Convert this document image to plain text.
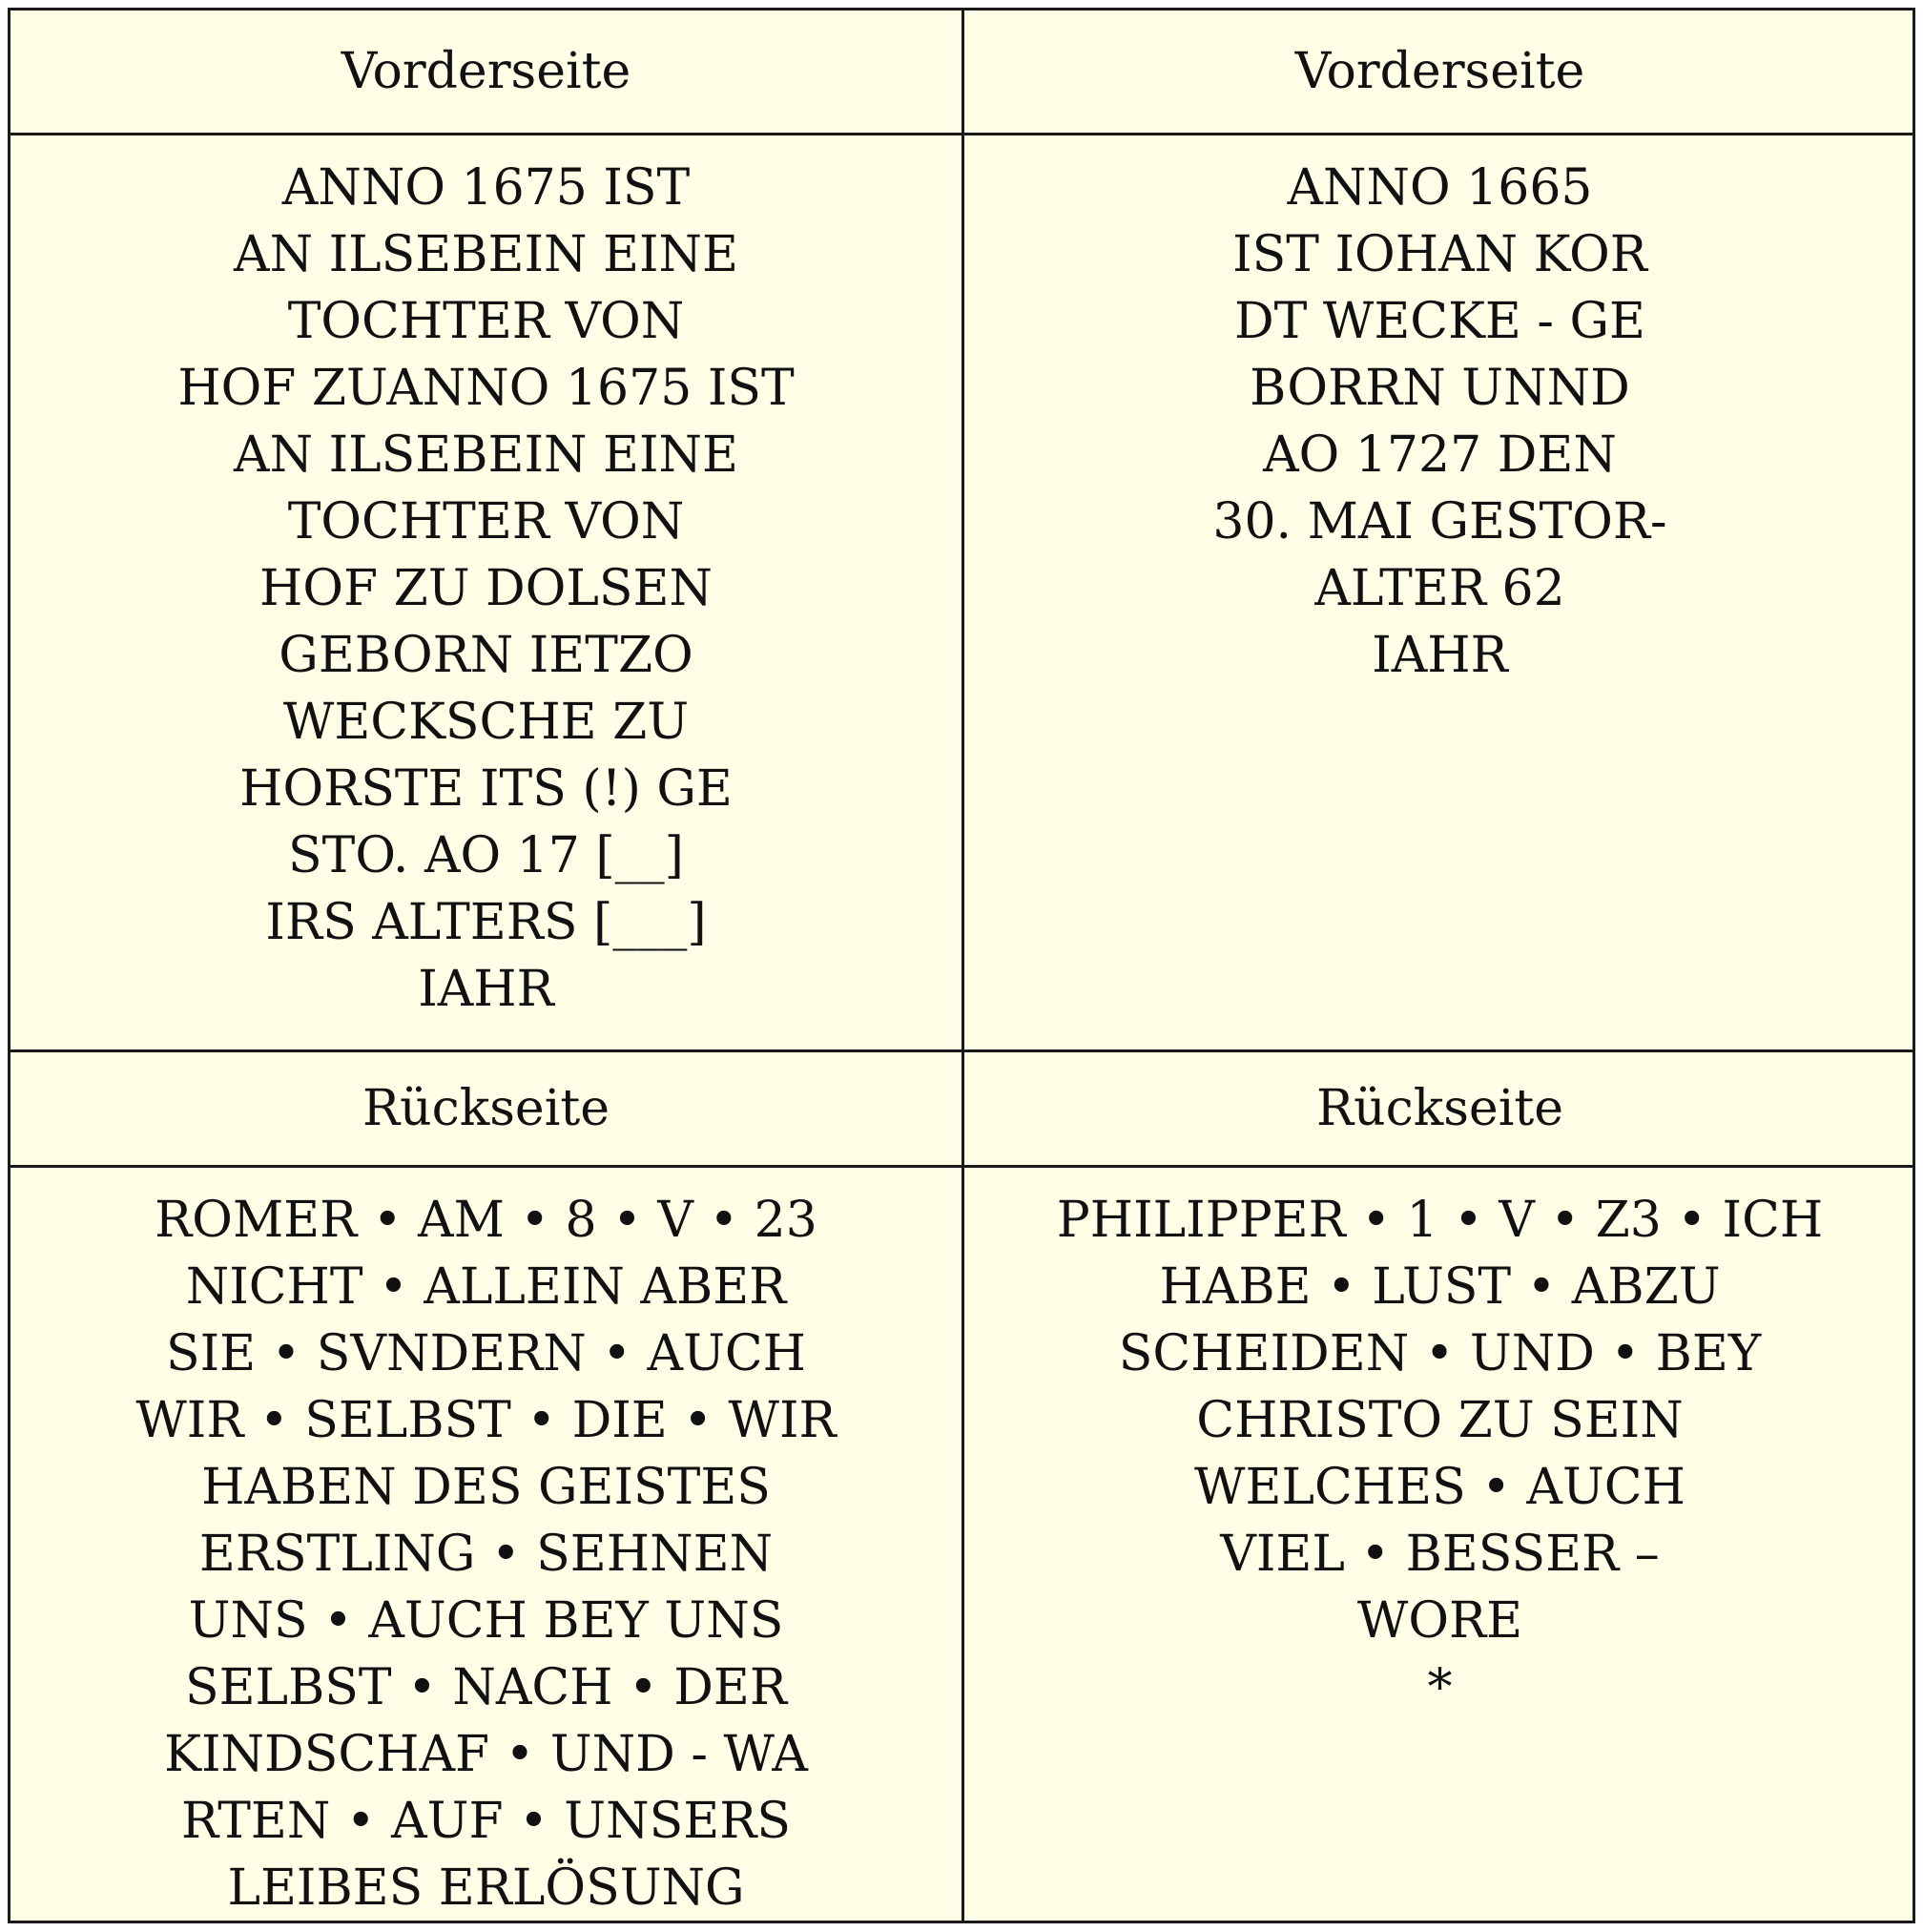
Vorderseite	Vorderseite
ANNO 1675 IST
AN ILSEBEIN EINE
TOCHTER VON
HOF ZUANNO 1675 IST
AN ILSEBEIN EINE
TOCHTER VON
HOF ZU DOLSEN
GEBORN IETZO
WECKSCHE ZU
HORSTE ITS (!) GE
STO. AO 17 [__]
IRS ALTERS [___]
IAHR
ANNO 1665
IST IOHAN KOR
DT WECKE - GE
BORRN UNND
AO 1727 DEN
30. MAI GESTOR-
ALTER 62
IAHR
Rückseite	Rückseite
ROMER • AM • 8 • V • 23
NICHT • ALLEIN ABER
SIE • SVNDERN • AUCH
WIR • SELBST • DIE • WIR
HABEN DES GEISTES
ERSTLING • SEHNEN
UNS • AUCH BEY UNS
SELBST • NACH • DER
KINDSCHAF • UND - WA
RTEN • AUF • UNSERS
LEIBES ERLÖSUNG
PHILIPPER • 1 • V • Z3 • ICH
HABE • LUST • ABZU
SCHEIDEN • UND • BEY
CHRISTO ZU SEIN
WELCHES • AUCH
VIEL • BESSER –
WORE
*
